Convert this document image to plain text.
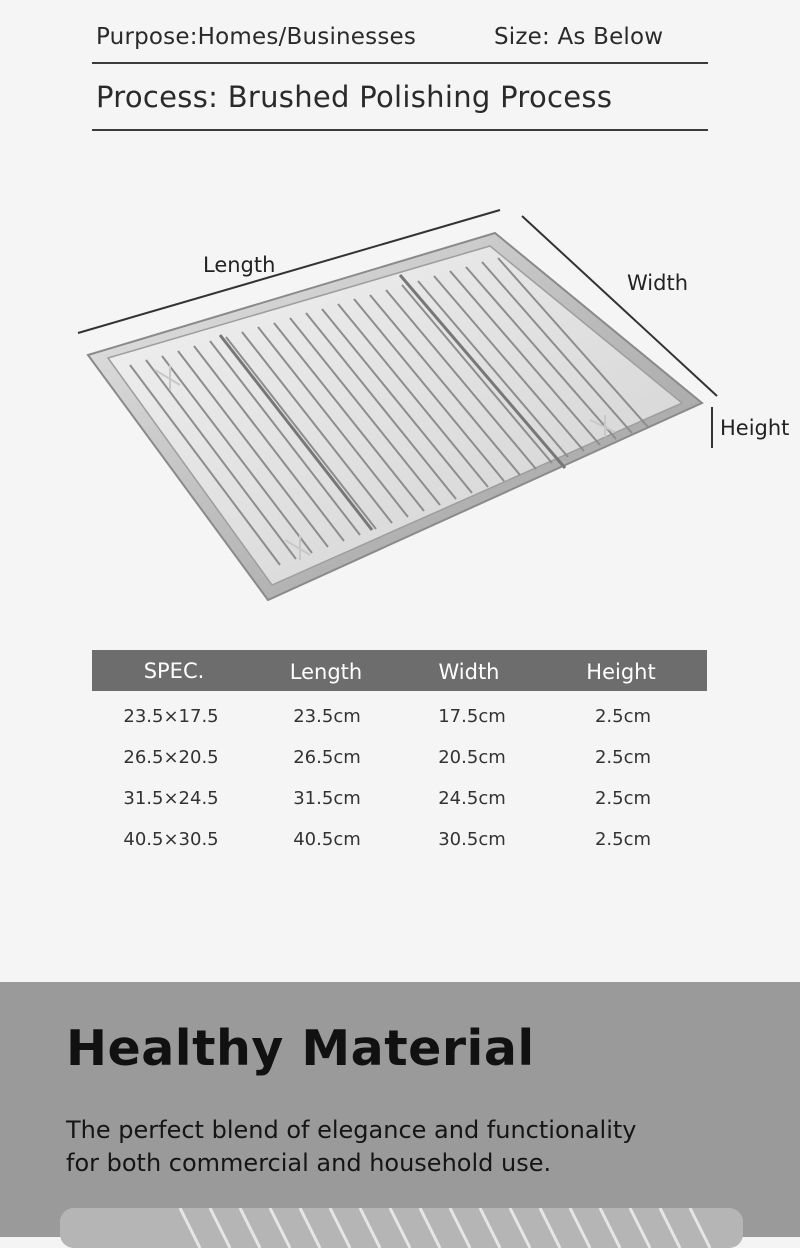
Purpose:Homes/Businesses	Size: As Below
Process: Brushed Polishing Process
Length
Width
Height
SPEC.	Length	Width	Height
23.5×17.5	23.5cm	17.5cm	2.5cm
26.5×20.5	26.5cm	20.5cm	2.5cm
31.5×24.5	31.5cm	24.5cm	2.5cm
40.5×30.5	40.5cm	30.5cm	2.5cm
Healthy Material
The perfect blend of elegance and functionality
for both commercial and household use.
